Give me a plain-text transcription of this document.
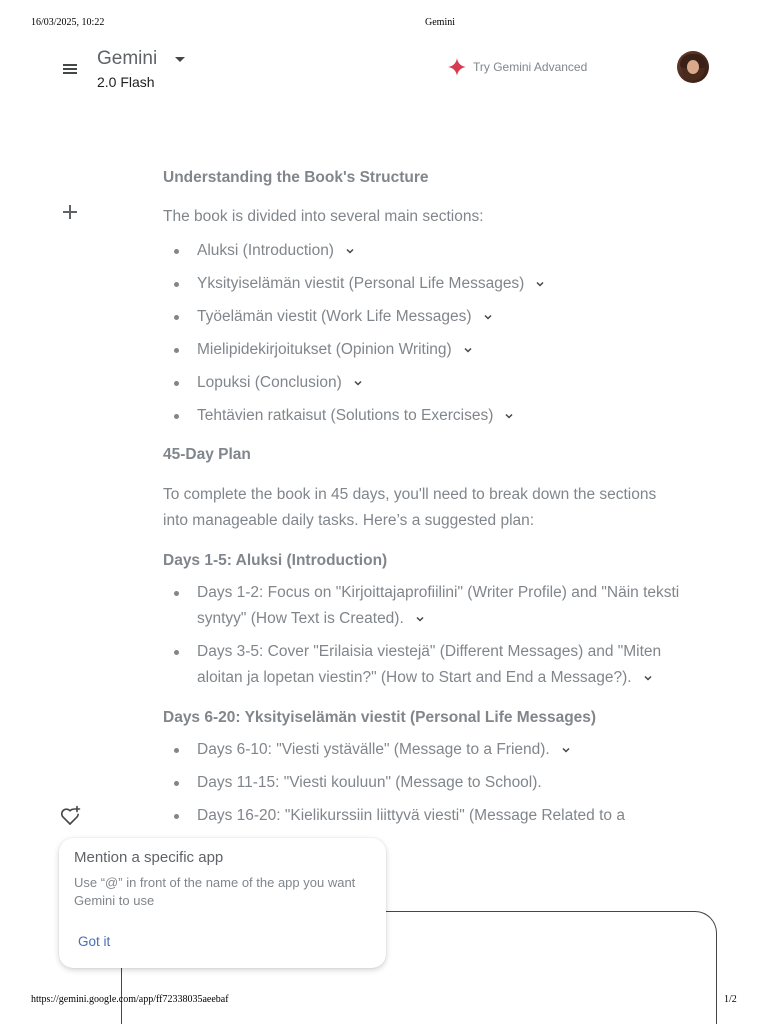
16/03/2025, 10:22	Gemini
Gemini
2.0 Flash
Try Gemini Advanced
Understanding the Book's Structure

The book is divided into several main sections:

Aluksi (Introduction)
Yksityiselämän viestit (Personal Life Messages)
Työelämän viestit (Work Life Messages)
Mielipidekirjoitukset (Opinion Writing)
Lopuksi (Conclusion)
Tehtävien ratkaisut (Solutions to Exercises)
45-Day Plan

To complete the book in 45 days, you'll need to break down the sections into manageable daily tasks. Here’s a suggested plan:

Days 1-5: Aluksi (Introduction)
Days 1-2: Focus on "Kirjoittajaprofiilini" (Writer Profile) and "Näin teksti syntyy" (How Text is Created).
Days 3-5: Cover "Erilaisia viestejä" (Different Messages) and "Miten aloitan ja lopetan viestin?" (How to Start and End a Message?).
Days 6-20: Yksityiselämän viestit (Personal Life Messages)
Days 6-10: "Viesti ystävälle" (Message to a Friend).
Days 11-15: "Viesti kouluun" (Message to School).
Days 16-20: "Kielikurssiin liittyvä viesti" (Message Related to a
Mention a specific app
Use “@” in front of the name of the app you want Gemini to use
Got it
https://gemini.google.com/app/ff72338035aeebaf	1/2
